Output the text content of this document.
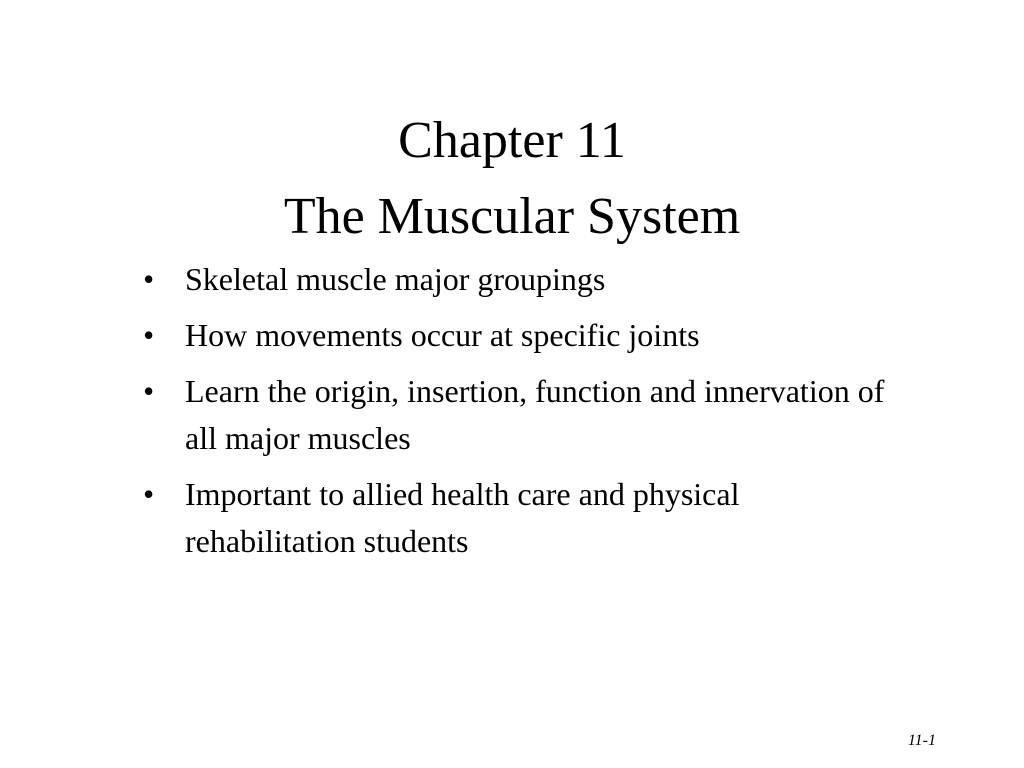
Chapter 11
The Muscular System
• Skeletal muscle major groupings
• How movements occur at specific joints
• Learn the origin, insertion, function and innervation of all major muscles
• Important to allied health care and physical rehabilitation students
11-1
